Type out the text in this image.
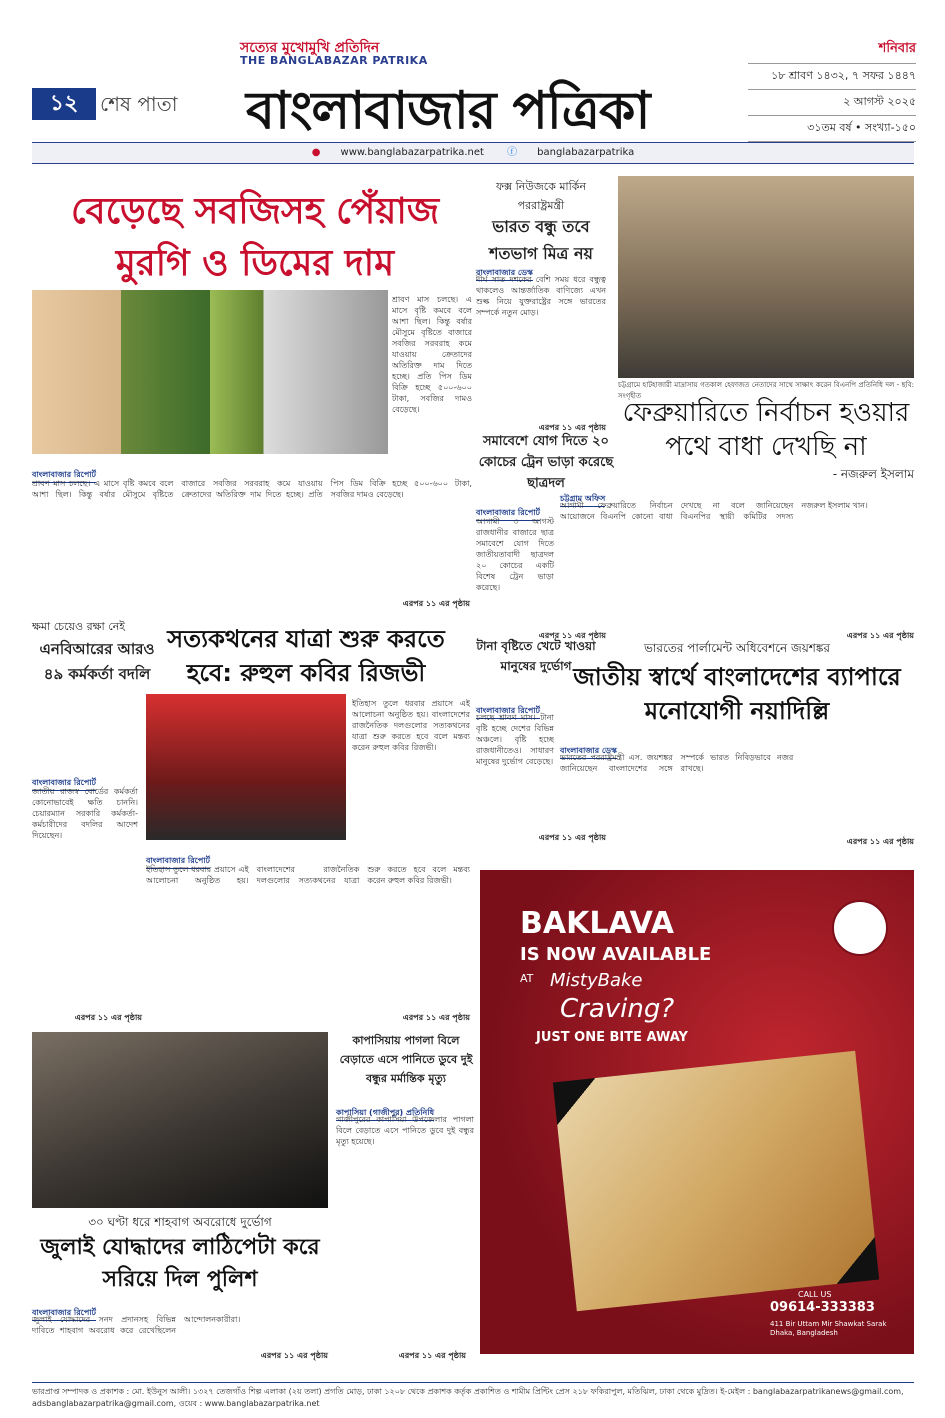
১২	শেষ পাতা
সত্যের মুখোমুখি প্রতিদিন
THE BANGLABAZAR PATRIKA
বাংলাবাজার পত্রিকা
শনিবার
১৮ শ্রাবণ ১৪৩২, ৭ সফর ১৪৪৭
২ আগস্ট ২০২৫
৩১তম বর্ষ • সংখ্যা-১৫০
● www.banglabazarpatrika.net ⓕ banglabazarpatrika
বেড়েছে সবজিসহ পেঁয়াজ
মুরগি ও ডিমের দাম
শ্রাবণ মাস চলছে। এ মাসে বৃষ্টি কমবে বলে আশা ছিল। কিন্তু বর্ষার মৌসুমে বৃষ্টিতে বাজারে সবজির সরবরাহ কমে যাওয়ায় ক্রেতাদের অতিরিক্ত দাম দিতে হচ্ছে। প্রতি পিস ডিম বিক্রি হচ্ছে ৫০০-৬০০ টাকা, সবজির দামও বেড়েছে।
বাংলাবাজার রিপোর্ট
শ্রাবণ মাস চলছে। এ মাসে বৃষ্টি কমবে বলে আশা ছিল। কিন্তু বর্ষার মৌসুমে বৃষ্টিতে বাজারে সবজির সরবরাহ কমে যাওয়ায় ক্রেতাদের অতিরিক্ত দাম দিতে হচ্ছে। প্রতি পিস ডিম বিক্রি হচ্ছে ৫০০-৬০০ টাকা, সবজির দামও বেড়েছে।
এরপর ১১ এর পৃষ্ঠায়
ফক্স নিউজকে মার্কিন পররাষ্ট্রমন্ত্রী
ভারত বন্ধু তবে শতভাগ মিত্র নয়
বাংলাবাজার ডেস্ক
দীর্ঘ সাত দশকের বেশি সময় ধরে বন্ধুত্ব থাকলেও আন্তর্জাতিক বাণিজ্যে এখন শুল্ক নিয়ে যুক্তরাষ্ট্রের সঙ্গে ভারতের সম্পর্কে নতুন মোড়।
এরপর ১১ এর পৃষ্ঠায়
চট্টগ্রামে হাটহাজারী মাদ্রাসায় গতকাল হেফাজত নেতাদের সাথে সাক্ষাৎ করেন বিএনপি প্রতিনিধি দল - ছবি: সংগৃহীত
ফেব্রুয়ারিতে নির্বাচন হওয়ার পথে বাধা দেখছি না
- নজরুল ইসলাম
চট্টগ্রাম অফিস
আগামী ফেব্রুয়ারিতে নির্বাচন আয়োজনে বিএনপি কোনো বাধা দেখছে না বলে জানিয়েছেন বিএনপির স্থায়ী কমিটির সদস্য নজরুল ইসলাম খান।
এরপর ১১ এর পৃষ্ঠায়
সমাবেশে যোগ দিতে ২০ কোচের ট্রেন ভাড়া করেছে ছাত্রদল
বাংলাবাজার রিপোর্ট
আগামী ৩ আগস্ট রাজধানীর বাজারে ছাত্র সমাবেশে যোগ দিতে জাতীয়তাবাদী ছাত্রদল ২০ কোচের একটি বিশেষ ট্রেন ভাড়া করেছে।
এরপর ১১ এর পৃষ্ঠায়
ক্ষমা চেয়েও রক্ষা নেই
এনবিআরের আরও ৪৯ কর্মকর্তা বদলি
বাংলাবাজার রিপোর্ট
জাতীয় রাজস্ব বোর্ডের কর্মকর্তা কোনোভাবেই ক্ষতি চাননি। চেয়ারম্যান সরকারি কর্মকর্তা-কর্মচারীদের বদলির আদেশ দিয়েছেন।
এরপর ১১ এর পৃষ্ঠায়
সত্যকথনের যাত্রা শুরু করতে হবে: রুহুল কবির রিজভী
ইতিহাস তুলে ধরবার প্রয়াসে এই আলোচনা অনুষ্ঠিত হয়। বাংলাদেশের রাজনৈতিক দলগুলোর সত্যকথনের যাত্রা শুরু করতে হবে বলে মন্তব্য করেন রুহুল কবির রিজভী।
বাংলাবাজার রিপোর্ট
ইতিহাস তুলে ধরবার প্রয়াসে এই আলোচনা অনুষ্ঠিত হয়। বাংলাদেশের রাজনৈতিক দলগুলোর সত্যকথনের যাত্রা শুরু করতে হবে বলে মন্তব্য করেন রুহুল কবির রিজভী।
এরপর ১১ এর পৃষ্ঠায়
টানা বৃষ্টিতে খেটে খাওয়া মানুষের দুর্ভোগ
বাংলাবাজার রিপোর্ট
চলছে শ্রাবণ মাস। টানা বৃষ্টি হচ্ছে দেশের বিভিন্ন অঞ্চলে। বৃষ্টি হচ্ছে রাজধানীতেও। সাধারণ মানুষের দুর্ভোগ বেড়েছে।
এরপর ১১ এর পৃষ্ঠায়
ভারতের পার্লামেন্ট অধিবেশনে জয়শঙ্কর
জাতীয় স্বার্থে বাংলাদেশের ব্যাপারে মনোযোগী নয়াদিল্লি
বাংলাবাজার ডেস্ক
ভারতের পররাষ্ট্রমন্ত্রী এস. জয়শঙ্কর জানিয়েছেন বাংলাদেশের সঙ্গে সম্পর্কে ভারত নিবিড়ভাবে নজর রাখছে।
এরপর ১১ এর পৃষ্ঠায়
কাপাসিয়ায় পাগলা বিলে বেড়াতে এসে পানিতে ডুবে দুই বন্ধুর মর্মান্তিক মৃত্যু
কাপাসিয়া (গাজীপুর) প্রতিনিধি
গাজীপুরের কাপাসিয়া উপজেলার পাগলা বিলে বেড়াতে এসে পানিতে ডুবে দুই বন্ধুর মৃত্যু হয়েছে।
এরপর ১১ এর পৃষ্ঠায়
৩০ ঘণ্টা ধরে শাহবাগ অবরোধে দুর্ভোগ
জুলাই যোদ্ধাদের লাঠিপেটা করে সরিয়ে দিল পুলিশ
বাংলাবাজার রিপোর্ট
জুলাই যোদ্ধাদের সনদ প্রদানসহ বিভিন্ন দাবিতে শাহবাগ অবরোধ করে রেখেছিলেন আন্দোলনকারীরা।
এরপর ১১ এর পৃষ্ঠায়
BAKLAVA
IS NOW AVAILABLE
AT MistyBake
Craving?
JUST ONE BITE AWAY
CALL US
09614-333383
411 Bir Uttam Mir Shawkat Sarak Dhaka, Bangladesh
ভারপ্রাপ্ত সম্পাদক ও প্রকাশক : মো. ইউনুস আলী। ১৩২৭ তেজগাঁও শিল্প এলাকা (২য় তলা) প্রগতি মোড়, ঢাকা ১২০৮ থেকে প্রকাশক কর্তৃক প্রকাশিত ও শামীম প্রিন্টিং প্রেস ২১৮ ফকিরাপুল, মতিঝিল, ঢাকা থেকে মুদ্রিত। ই-মেইল : banglabazarpatrikanews@gmail.com, adsbanglabazarpatrika@gmail.com, ওয়েব : www.banglabazarpatrika.net
